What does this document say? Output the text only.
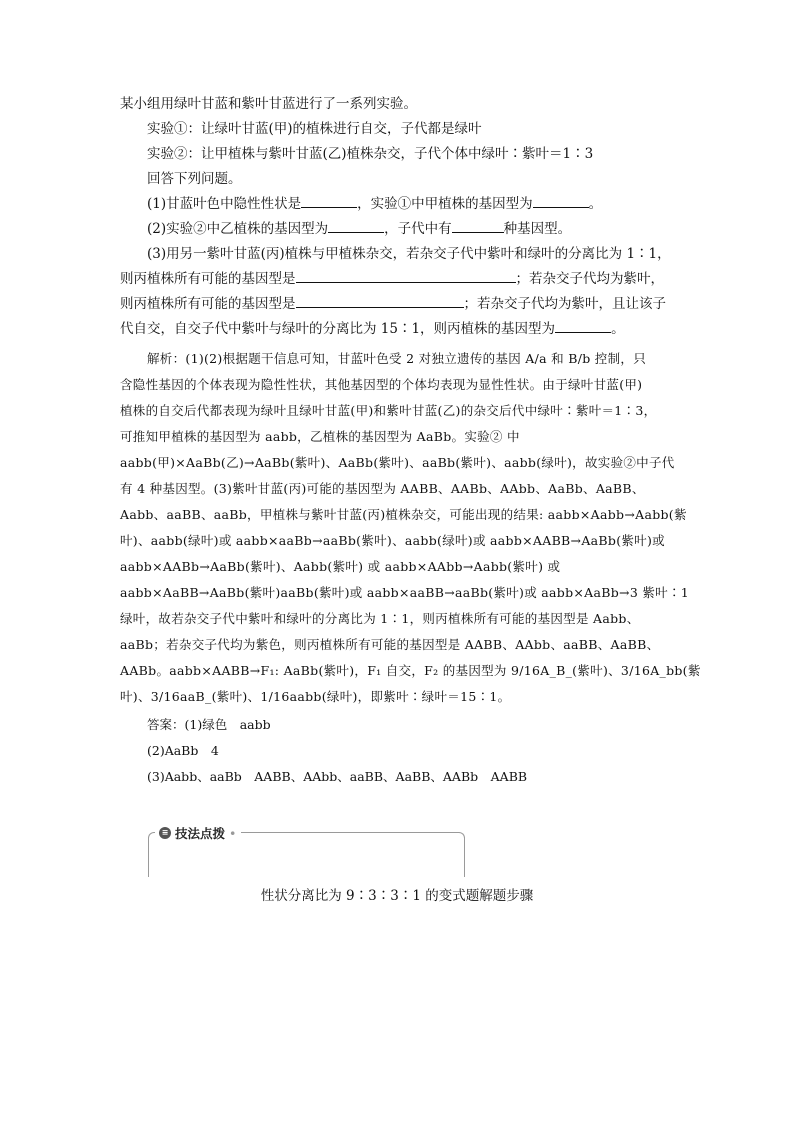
某小组用绿叶甘蓝和紫叶甘蓝进行了一系列实验。

实验①：让绿叶甘蓝(甲)的植株进行自交，子代都是绿叶

实验②：让甲植株与紫叶甘蓝(乙)植株杂交，子代个体中绿叶∶紫叶＝1∶3

回答下列问题。

(1)甘蓝叶色中隐性性状是	，实验①中甲植株的基因型为	。

(2)实验②中乙植株的基因型为	，子代中有	种基因型。

(3)用另一紫叶甘蓝(丙)植株与甲植株杂交，若杂交子代中紫叶和绿叶的分离比为 1∶1，

则丙植株所有可能的基因型是	；若杂交子代均为紫叶，

则丙植株所有可能的基因型是	；若杂交子代均为紫叶，且让该子

代自交，自交子代中紫叶与绿叶的分离比为 15∶1，则丙植株的基因型为	。

解析：(1)(2)根据题干信息可知，甘蓝叶色受 2 对独立遗传的基因 A/a 和 B/b 控制，只

含隐性基因的个体表现为隐性性状，其他基因型的个体均表现为显性性状。由于绿叶甘蓝(甲)

植株的自交后代都表现为绿叶且绿叶甘蓝(甲)和紫叶甘蓝(乙)的杂交后代中绿叶∶紫叶＝1∶3，

可推知甲植株的基因型为 aabb，乙植株的基因型为 AaBb。实验② 中

aabb(甲)×AaBb(乙)→AaBb(紫叶)、AaBb(紫叶)、aaBb(紫叶)、aabb(绿叶)，故实验②中子代

有 4 种基因型。(3)紫叶甘蓝(丙)可能的基因型为 AABB、AABb、AAbb、AaBb、AaBB、

Aabb、aaBB、aaBb，甲植株与紫叶甘蓝(丙)植株杂交，可能出现的结果: aabb×Aabb→Aabb(紫

叶)、aabb(绿叶)或 aabb×aaBb→aaBb(紫叶)、aabb(绿叶)或 aabb×AABB→AaBb(紫叶)或

aabb×AABb→AaBb(紫叶)、Aabb(紫叶) 或 aabb×AAbb→Aabb(紫叶) 或

aabb×AaBB→AaBb(紫叶)aaBb(紫叶)或 aabb×aaBB→aaBb(紫叶)或 aabb×AaBb→3 紫叶∶1

绿叶，故若杂交子代中紫叶和绿叶的分离比为 1∶1，则丙植株所有可能的基因型是 Aabb、

aaBb；若杂交子代均为紫色，则丙植株所有可能的基因型是 AABB、AAbb、aaBB、AaBB、

AABb。aabb×AABB→F₁: AaBb(紫叶)，F₁ 自交，F₂ 的基因型为 9/16A_B_(紫叶)、3/16A_bb(紫

叶)、3/16aaB_(紫叶)、1/16aabb(绿叶)，即紫叶∶绿叶＝15∶1。

答案：(1)绿色　aabb

(2)AaBb　4

(3)Aabb、aaBb　AABB、AAbb、aaBB、AaBB、AABb　AABB

≡ 技法点拨 •
性状分离比为 9∶3∶3∶1 的变式题解题步骤
